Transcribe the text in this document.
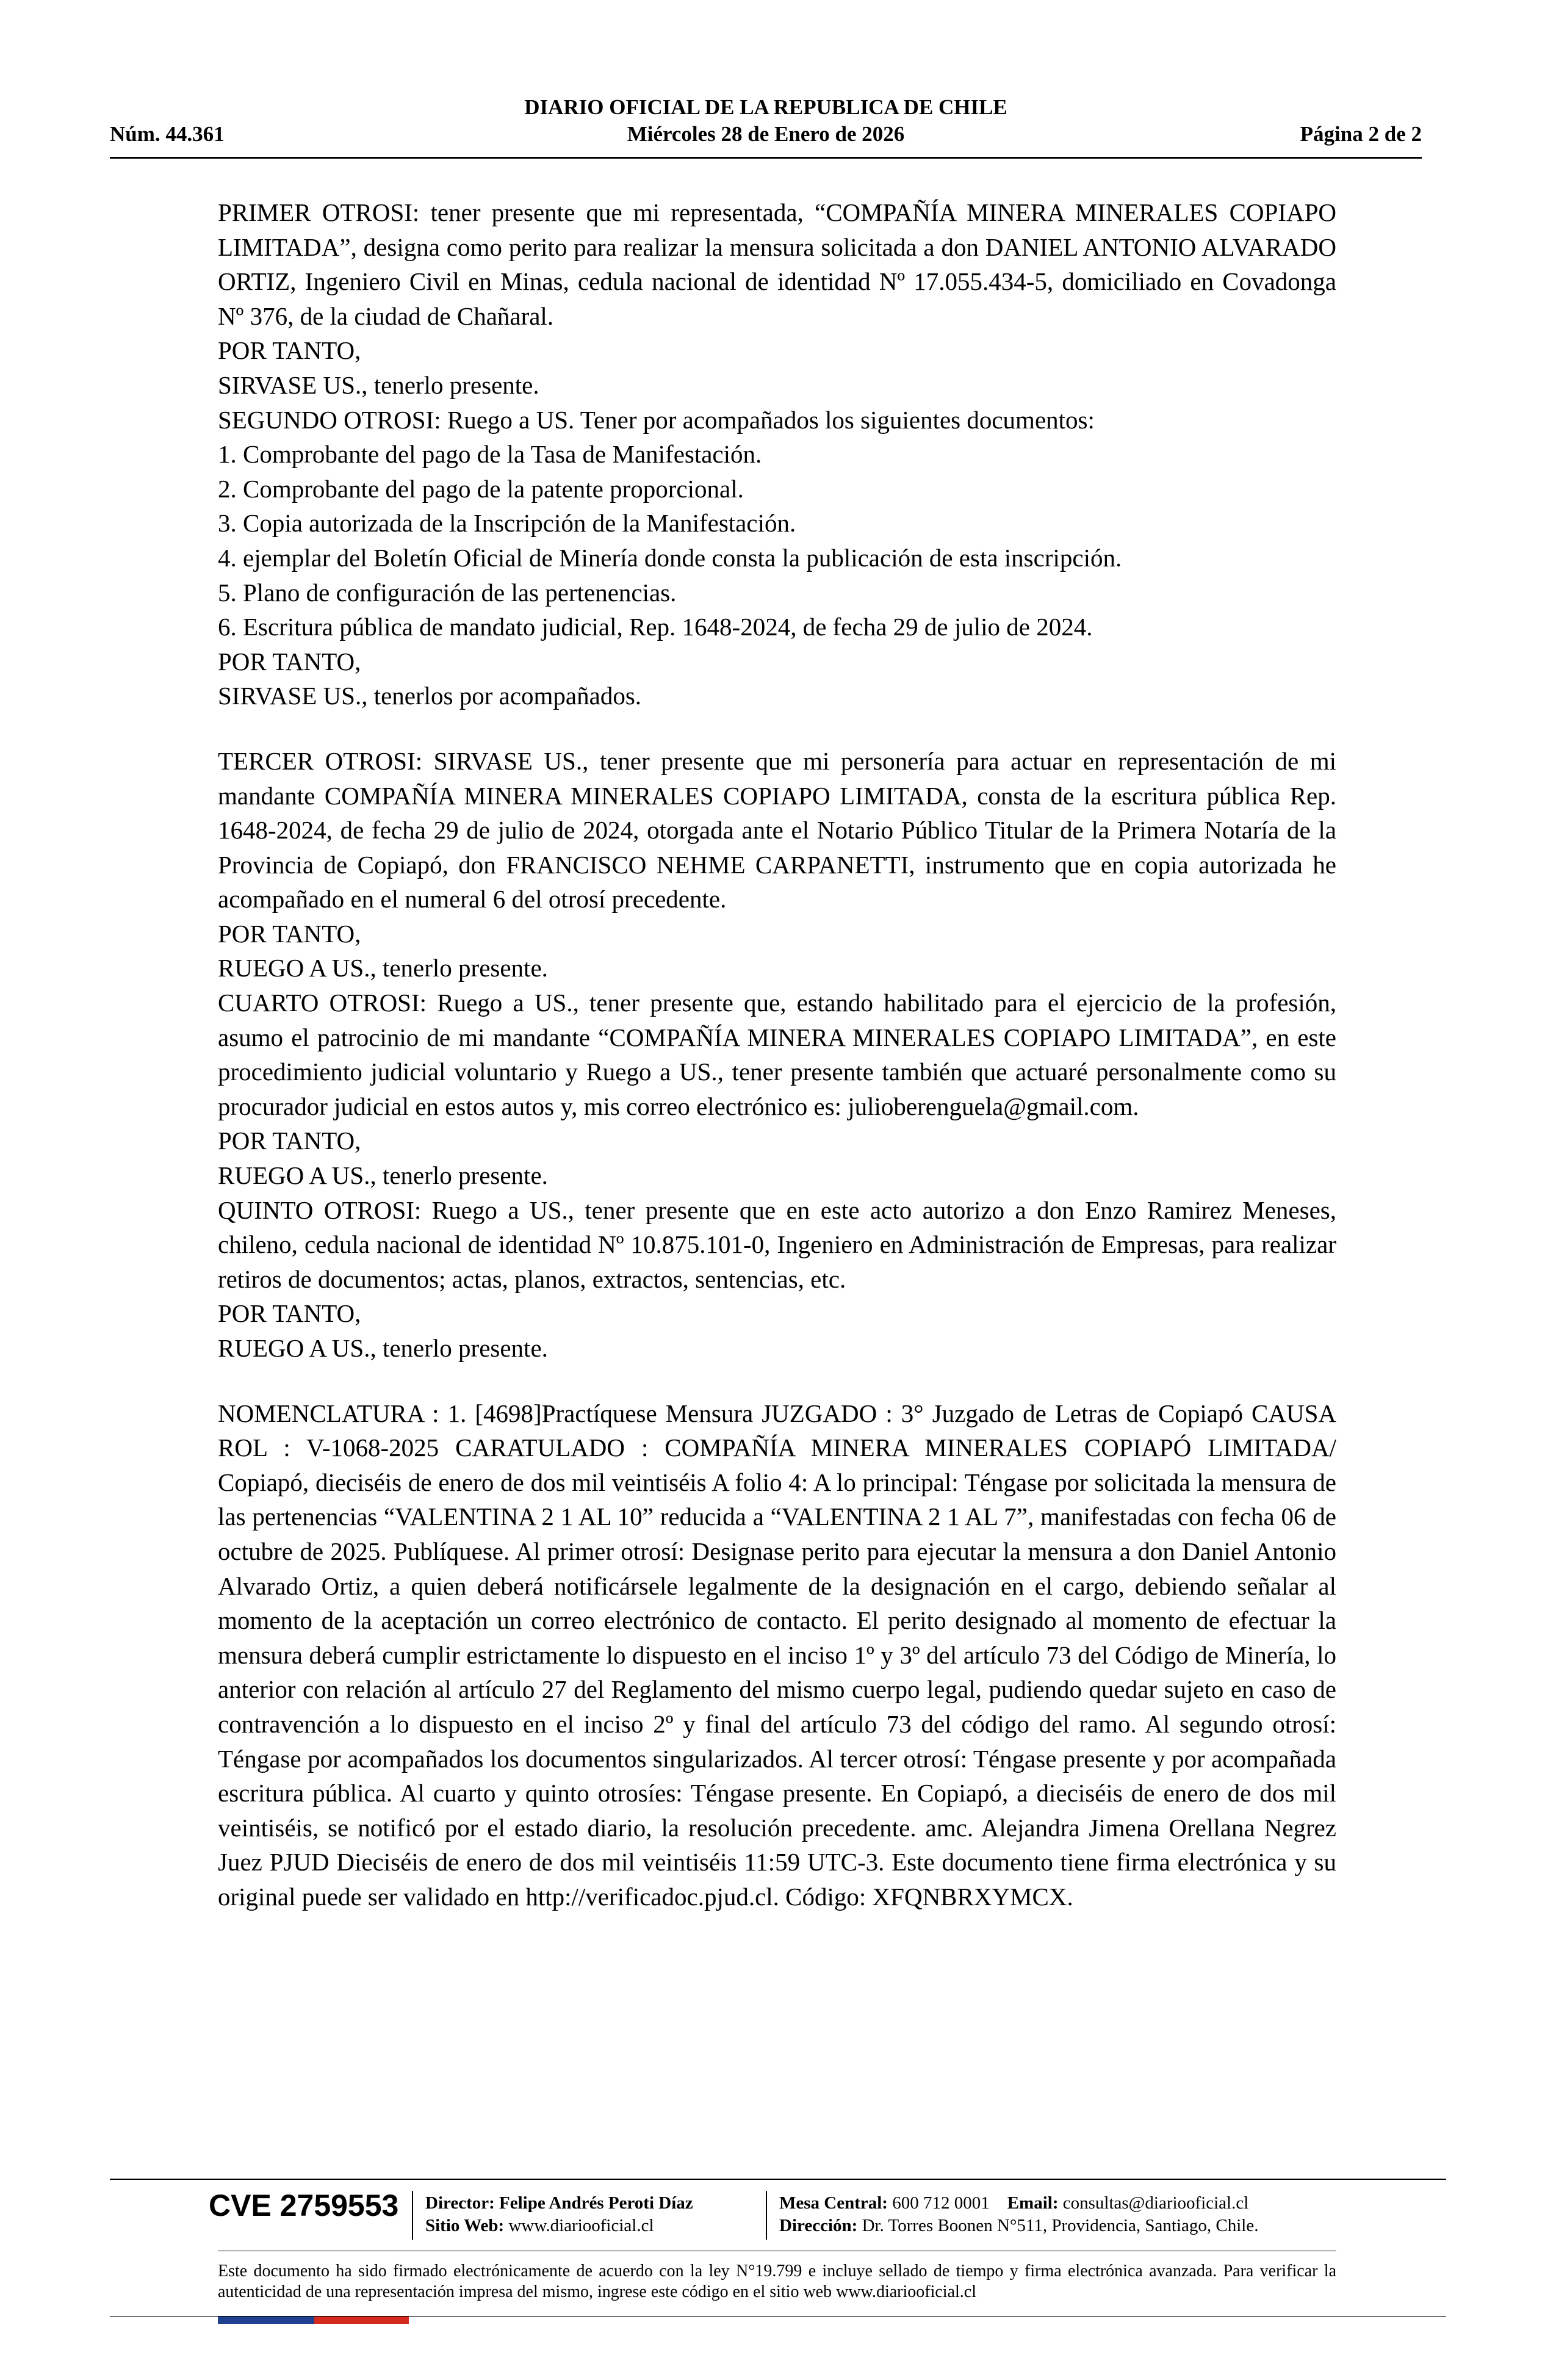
DIARIO OFICIAL DE LA REPUBLICA DE CHILE
Núm. 44.361	Miércoles 28 de Enero de 2026	Página 2 de 2

PRIMER OTROSI: tener presente que mi representada, “COMPAÑÍA MINERA MINERALES COPIAPO LIMITADA”, designa como perito para realizar la mensura solicitada a don DANIEL ANTONIO ALVARADO ORTIZ, Ingeniero Civil en Minas, cedula nacional de identidad Nº 17.055.434-5, domiciliado en Covadonga Nº 376, de la ciudad de Chañaral.

POR TANTO,

SIRVASE US., tenerlo presente.

SEGUNDO OTROSI: Ruego a US. Tener por acompañados los siguientes documentos:

1. Comprobante del pago de la Tasa de Manifestación.

2. Comprobante del pago de la patente proporcional.

3. Copia autorizada de la Inscripción de la Manifestación.

4. ejemplar del Boletín Oficial de Minería donde consta la publicación de esta inscripción.

5. Plano de configuración de las pertenencias.

6. Escritura pública de mandato judicial, Rep. 1648-2024, de fecha 29 de julio de 2024.

POR TANTO,

SIRVASE US., tenerlos por acompañados.

TERCER OTROSI: SIRVASE US., tener presente que mi personería para actuar en representación de mi mandante COMPAÑÍA MINERA MINERALES COPIAPO LIMITADA, consta de la escritura pública Rep. 1648-2024, de fecha 29 de julio de 2024, otorgada ante el Notario Público Titular de la Primera Notaría de la Provincia de Copiapó, don FRANCISCO NEHME CARPANETTI, instrumento que en copia autorizada he acompañado en el numeral 6 del otrosí precedente.

POR TANTO,

RUEGO A US., tenerlo presente.

CUARTO OTROSI: Ruego a US., tener presente que, estando habilitado para el ejercicio de la profesión, asumo el patrocinio de mi mandante “COMPAÑÍA MINERA MINERALES COPIAPO LIMITADA”, en este procedimiento judicial voluntario y Ruego a US., tener presente también que actuaré personalmente como su procurador judicial en estos autos y, mis correo electrónico es: julioberenguela@gmail.com.

POR TANTO,

RUEGO A US., tenerlo presente.

QUINTO OTROSI: Ruego a US., tener presente que en este acto autorizo a don Enzo Ramirez Meneses, chileno, cedula nacional de identidad Nº 10.875.101-0, Ingeniero en Administración de Empresas, para realizar retiros de documentos; actas, planos, extractos, sentencias, etc.

POR TANTO,

RUEGO A US., tenerlo presente.

NOMENCLATURA : 1. [4698]Practíquese Mensura JUZGADO : 3° Juzgado de Letras de Copiapó CAUSA ROL : V-1068-2025 CARATULADO : COMPAÑÍA MINERA MINERALES COPIAPÓ LIMITADA/ Copiapó, dieciséis de enero de dos mil veintiséis A folio 4: A lo principal: Téngase por solicitada la mensura de las pertenencias “VALENTINA 2 1 AL 10” reducida a “VALENTINA 2 1 AL 7”, manifestadas con fecha 06 de octubre de 2025. Publíquese. Al primer otrosí: Designase perito para ejecutar la mensura a don Daniel Antonio Alvarado Ortiz, a quien deberá notificársele legalmente de la designación en el cargo, debiendo señalar al momento de la aceptación un correo electrónico de contacto. El perito designado al momento de efectuar la mensura deberá cumplir estrictamente lo dispuesto en el inciso 1º y 3º del artículo 73 del Código de Minería, lo anterior con relación al artículo 27 del Reglamento del mismo cuerpo legal, pudiendo quedar sujeto en caso de contravención a lo dispuesto en el inciso 2º y final del artículo 73 del código del ramo. Al segundo otrosí: Téngase por acompañados los documentos singularizados. Al tercer otrosí: Téngase presente y por acompañada escritura pública. Al cuarto y quinto otrosíes: Téngase presente. En Copiapó, a dieciséis de enero de dos mil veintiséis, se notificó por el estado diario, la resolución precedente. amc. Alejandra Jimena Orellana Negrez Juez PJUD Dieciséis de enero de dos mil veintiséis 11:59 UTC-3. Este documento tiene firma electrónica y su original puede ser validado en http://verificadoc.pjud.cl. Código: XFQNBRXYMCX.

CVE 2759553 Director: Felipe Andrés Peroti Díaz
Sitio Web: www.diariooficial.cl
Mesa Central: 600 712 0001 Email: consultas@diariooficial.cl
Dirección: Dr. Torres Boonen N°511, Providencia, Santiago, Chile.
Este documento ha sido firmado electrónicamente de acuerdo con la ley N°19.799 e incluye sellado de tiempo y firma electrónica avanzada. Para verificar la autenticidad de una representación impresa del mismo, ingrese este código en el sitio web www.diariooficial.cl
